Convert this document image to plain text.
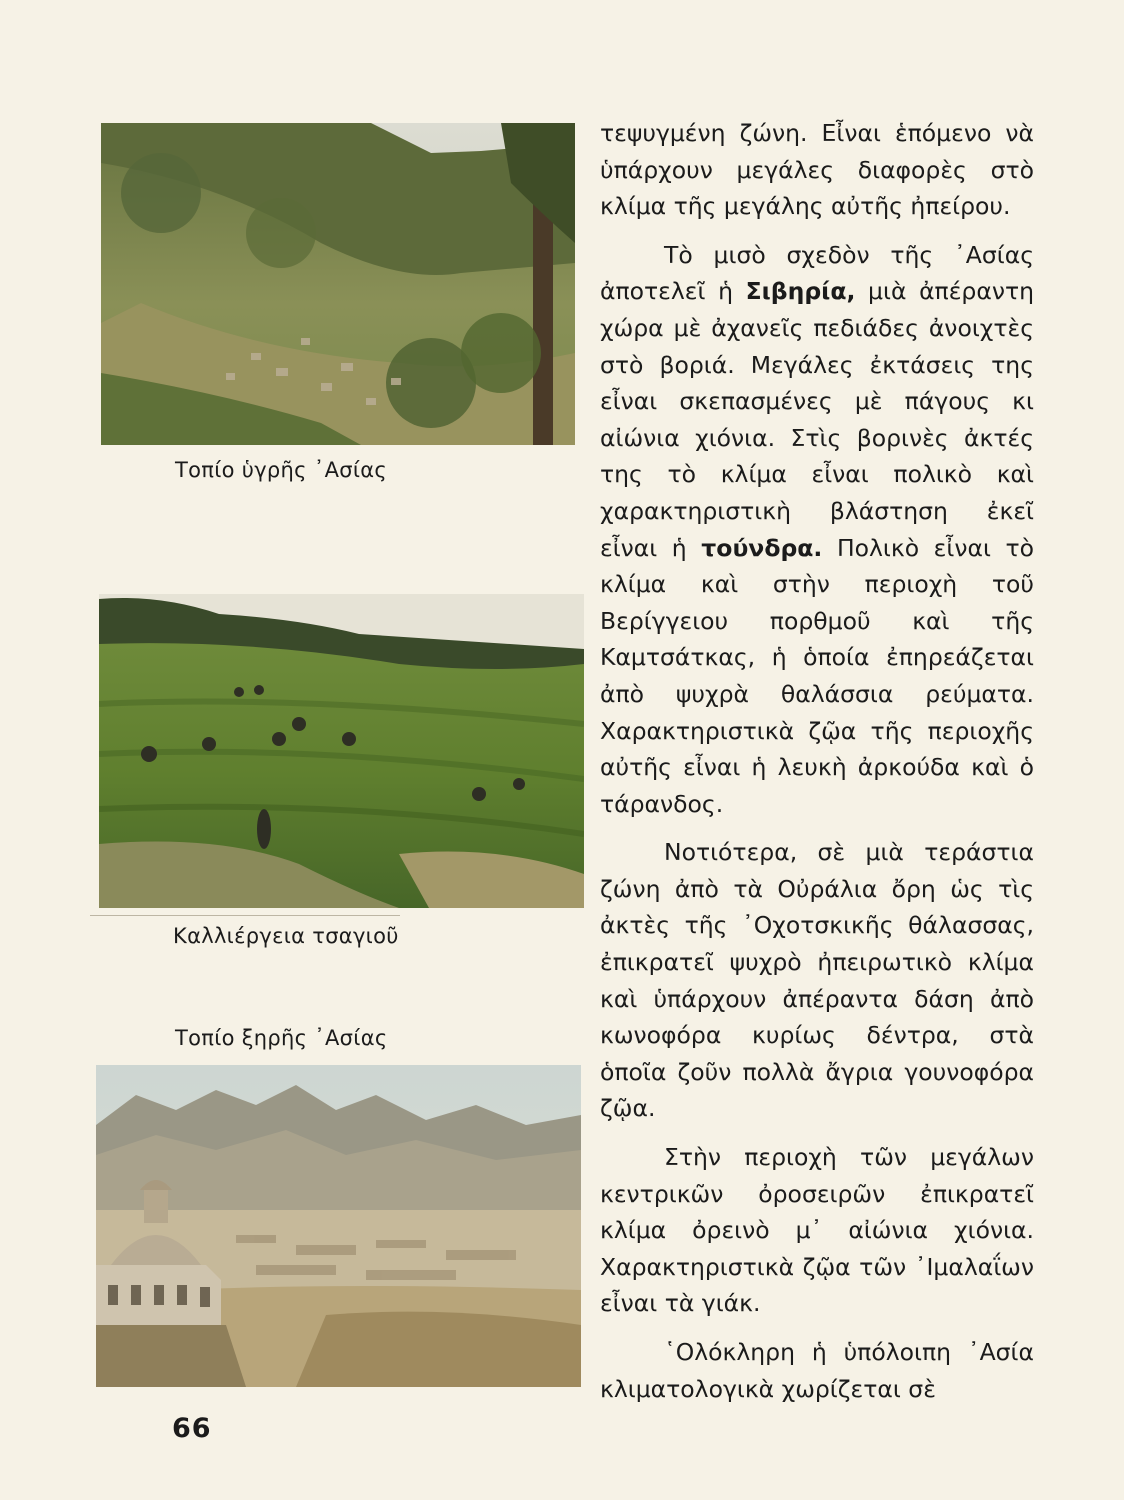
Τοπίο ὑγρῆς ᾿Ασίας
Καλλιέργεια τσαγιοῦ
Τοπίο ξηρῆς ᾿Ασίας
66

τεψυγμένη ζώνη. Εἶναι ἑπόμενο νὰ ὑπάρχουν μεγάλες διαφορὲς στὸ κλίμα τῆς μεγάλης αὐτῆς ἠπείρου.

Τὸ μισὸ σχεδὸν τῆς ᾿Ασίας ἀποτελεῖ ἡ Σιβηρία, μιὰ ἀπέραντη χώρα μὲ ἀχανεῖς πεδιάδες ἀνοιχτὲς στὸ βοριά. Μεγάλες ἐκτάσεις της εἶναι σκεπασμένες μὲ πάγους κι αἰώνια χιόνια. Στὶς βορινὲς ἀκτές της τὸ κλίμα εἶναι πολικὸ καὶ χαρακτηριστικὴ βλάστηση ἐκεῖ εἶναι ἡ τούνδρα. Πολικὸ εἶναι τὸ κλίμα καὶ στὴν περιοχὴ τοῦ Βερίγγειου πορθμοῦ καὶ τῆς Καμτσάτκας, ἡ ὁποία ἐπηρεάζεται ἀπὸ ψυχρὰ θαλάσσια ρεύματα. Χαρακτηριστικὰ ζῷα τῆς περιοχῆς αὐτῆς εἶναι ἡ λευκὴ ἀρκούδα καὶ ὁ τάρανδος.

Νοτιότερα, σὲ μιὰ τεράστια ζώνη ἀπὸ τὰ Οὐράλια ὄρη ὡς τὶς ἀκτὲς τῆς ᾿Οχοτσκικῆς θάλασσας, ἐπικρατεῖ ψυχρὸ ἠπειρωτικὸ κλίμα καὶ ὑπάρχουν ἀπέραντα δάση ἀπὸ κωνοφόρα κυρίως δέντρα, στὰ ὁποῖα ζοῦν πολλὰ ἄγρια γουνοφόρα ζῷα.

Στὴν περιοχὴ τῶν μεγάλων κεντρικῶν ὀροσειρῶν ἐπικρατεῖ κλίμα ὀρεινὸ μ᾿ αἰώνια χιόνια. Χαρακτηριστικὰ ζῷα τῶν ᾿Ιμαλαΐων εἶναι τὰ γιάκ.

῾Ολόκληρη ἡ ὑπόλοιπη ᾿Ασία κλιματολογικὰ χωρίζεται σὲ
